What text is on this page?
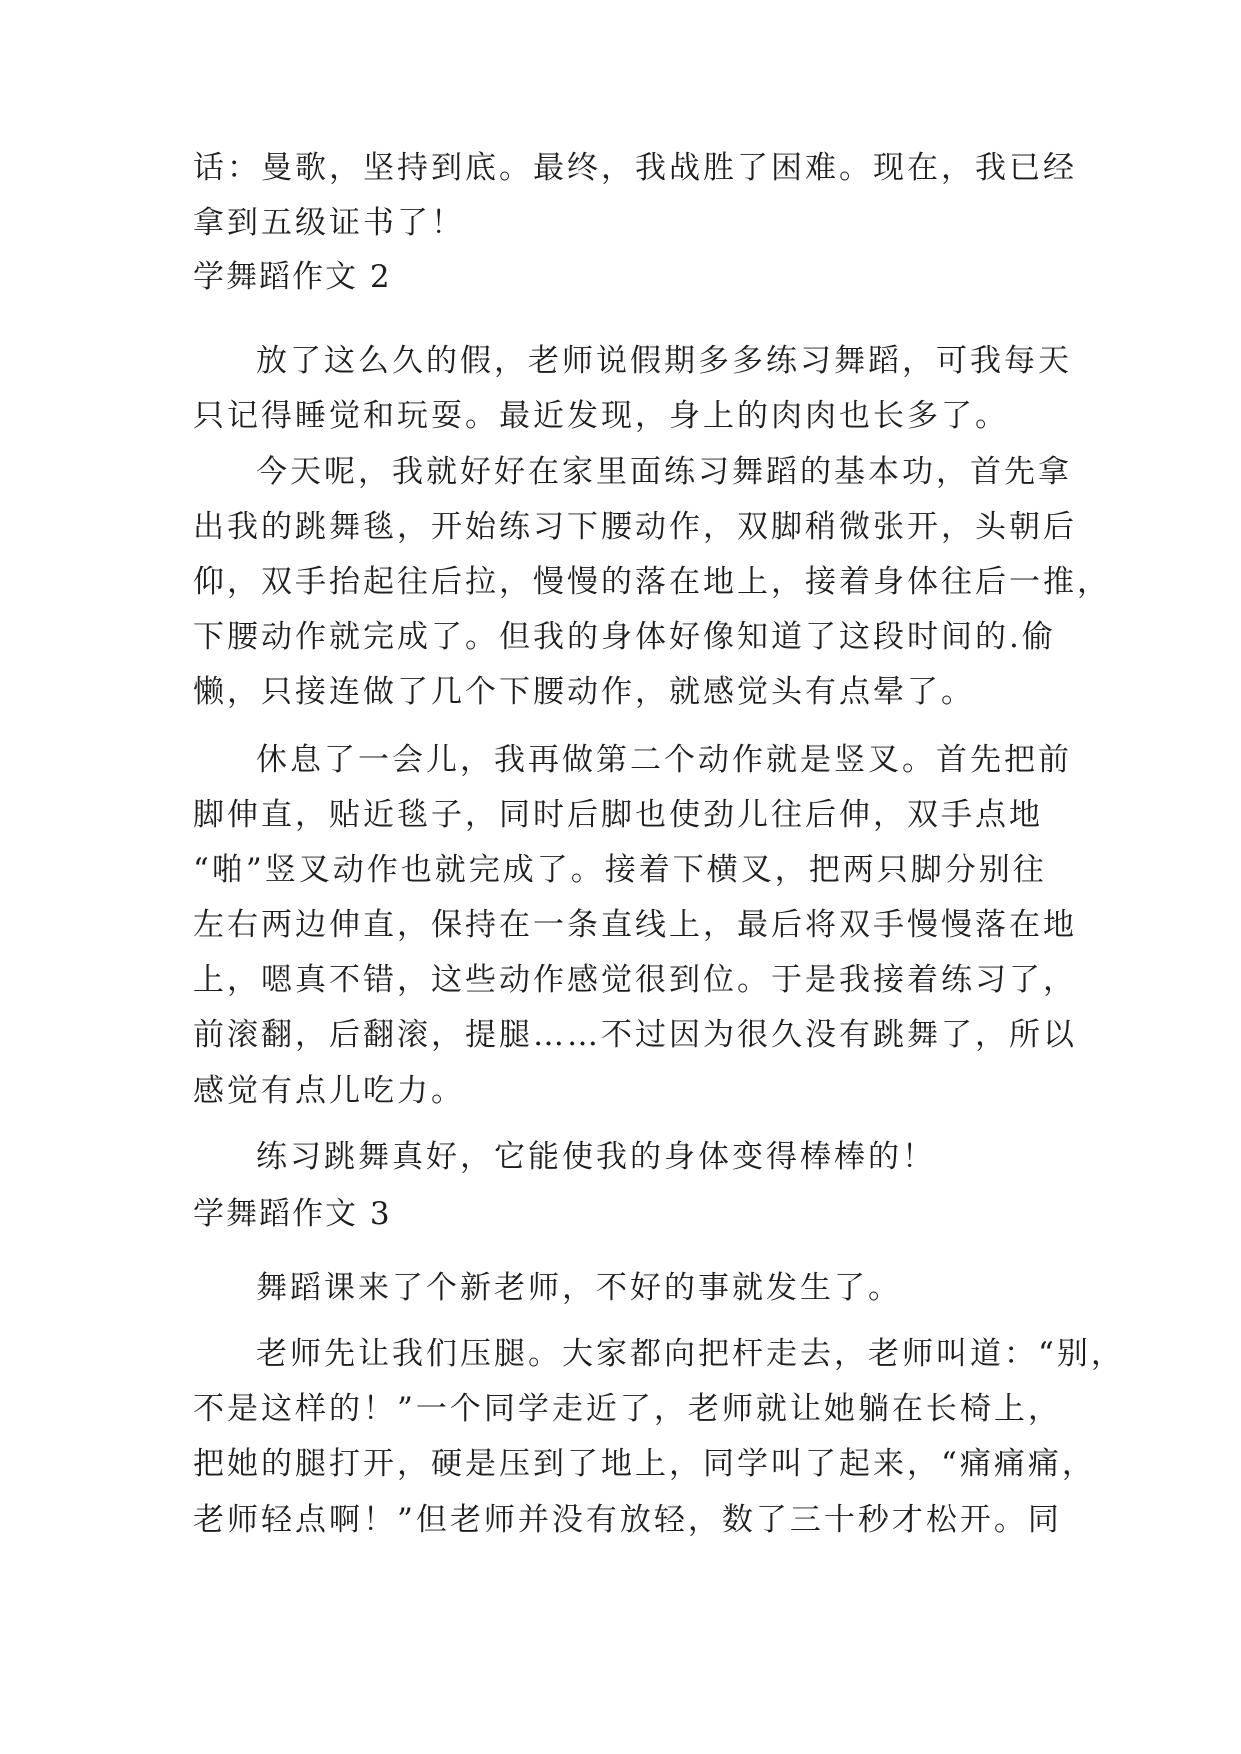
话：曼歌，坚持到底。最终，我战胜了困难。现在，我已经
拿到五级证书了！
学舞蹈作文 2
放了这么久的假，老师说假期多多练习舞蹈，可我每天
只记得睡觉和玩耍。最近发现，身上的肉肉也长多了。
今天呢，我就好好在家里面练习舞蹈的基本功，首先拿
出我的跳舞毯，开始练习下腰动作，双脚稍微张开，头朝后
仰，双手抬起往后拉，慢慢的落在地上，接着身体往后一推，
下腰动作就完成了。但我的身体好像知道了这段时间的.偷
懒，只接连做了几个下腰动作，就感觉头有点晕了。
休息了一会儿，我再做第二个动作就是竖叉。首先把前
脚伸直，贴近毯子，同时后脚也使劲儿往后伸，双手点地
“啪”竖叉动作也就完成了。接着下横叉，把两只脚分别往
左右两边伸直，保持在一条直线上，最后将双手慢慢落在地
上，嗯真不错，这些动作感觉很到位。于是我接着练习了，
前滚翻，后翻滚，提腿……不过因为很久没有跳舞了，所以
感觉有点儿吃力。
练习跳舞真好，它能使我的身体变得棒棒的！
学舞蹈作文 3
舞蹈课来了个新老师，不好的事就发生了。
老师先让我们压腿。大家都向把杆走去，老师叫道：“别，
不是这样的！”一个同学走近了，老师就让她躺在长椅上，
把她的腿打开，硬是压到了地上，同学叫了起来，“痛痛痛，
老师轻点啊！”但老师并没有放轻，数了三十秒才松开。同
